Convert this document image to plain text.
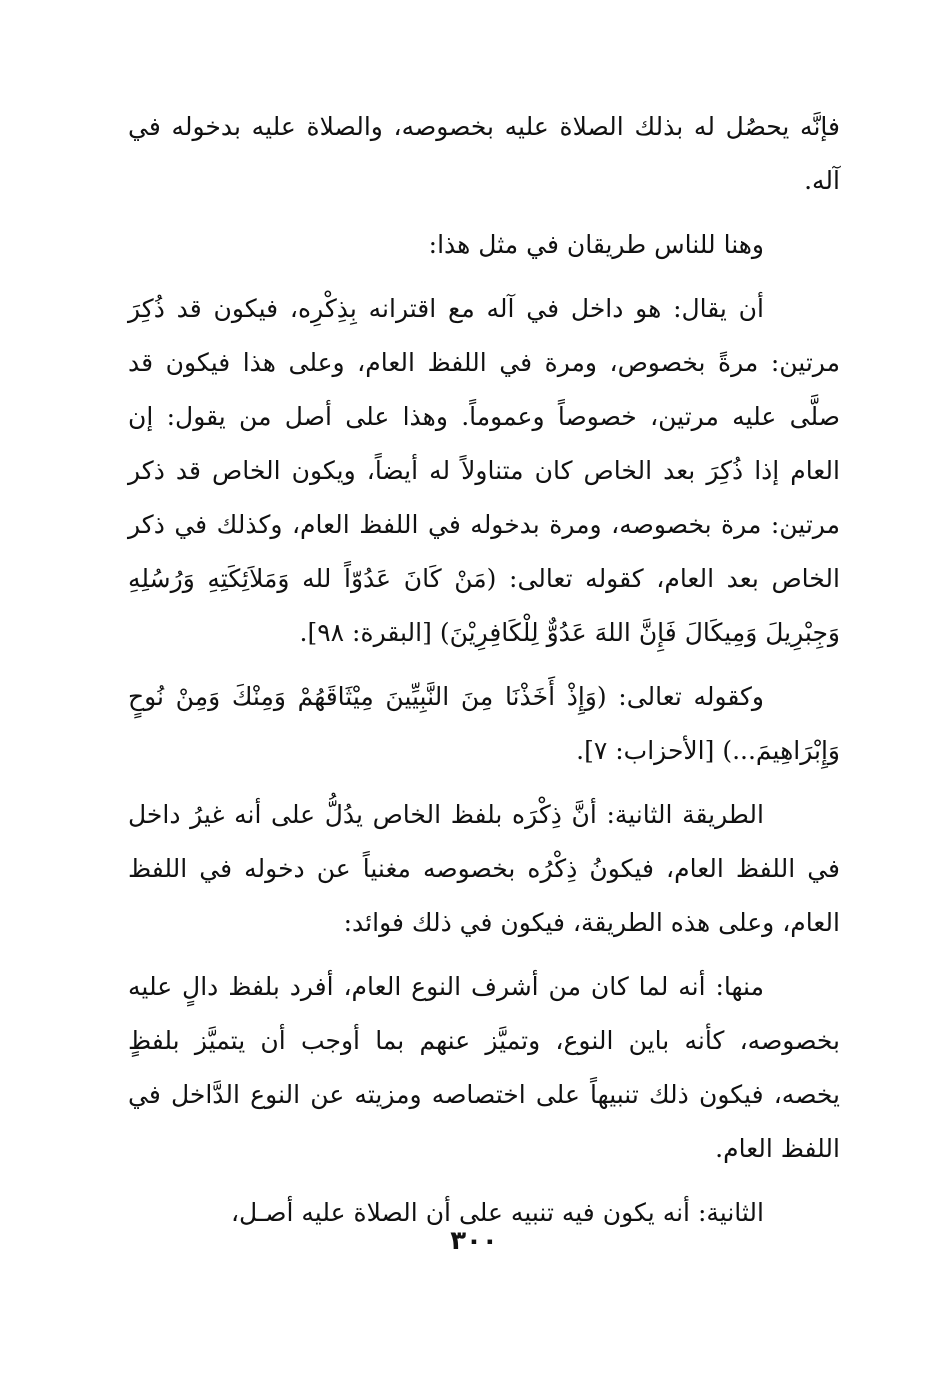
فإنَّه يحصُل له بذلك الصلاة عليه بخصوصه، والصلاة عليه بدخوله في آله.

وهنا للناس طريقان في مثل هذا:

أن يقال: هو داخل في آله مع اقترانه بِذِكْرِه، فيكون قد ذُكِرَ مرتين: مرةً بخصوص، ومرة في اللفظ العام، وعلى هذا فيكون قد صلَّى عليه مرتين، خصوصاً وعموماً. وهذا على أصل من يقول: إن العام إذا ذُكِرَ بعد الخاص كان متناولاً له أيضاً، ويكون الخاص قد ذكر مرتين: مرة بخصوصه، ومرة بدخوله في اللفظ العام، وكذلك في ذكر الخاص بعد العام، كقوله تعالى: (مَنْ كَانَ عَدُوّاً لله وَمَلاَئِكَتِهِ وَرُسُلِهِ وَجِبْرِيلَ وَمِيكَالَ فَإِنَّ اللهَ عَدُوٌّ لِلْكَافِرِيْنَ) [البقرة: ٩٨].

وكقوله تعالى: (وَإِذْ أَخَذْنَا مِنَ النَّبِيِّينَ مِيْثَاقَهُمْ وَمِنْكَ وَمِنْ نُوحٍ وَإِبْرَاهِيمَ...) [الأحزاب: ٧].

الطريقة الثانية: أنَّ ذِكْرَه بلفظ الخاص يدُلُّ على أنه غيرُ داخل في اللفظ العام، فيكونُ ذِكْرُه بخصوصه مغنياً عن دخوله في اللفظ العام، وعلى هذه الطريقة، فيكون في ذلك فوائد:

منها: أنه لما كان من أشرف النوع العام، أفرد بلفظ دالٍ عليه بخصوصه، كأنه باين النوع، وتميَّز عنهم بما أوجب أن يتميَّز بلفظٍ يخصه، فيكون ذلك تنبيهاً على اختصاصه ومزيته عن النوع الدَّاخل في اللفظ العام.

الثانية: أنه يكون فيه تنبيه على أن الصلاة عليه أصـل،

٣٠٠
